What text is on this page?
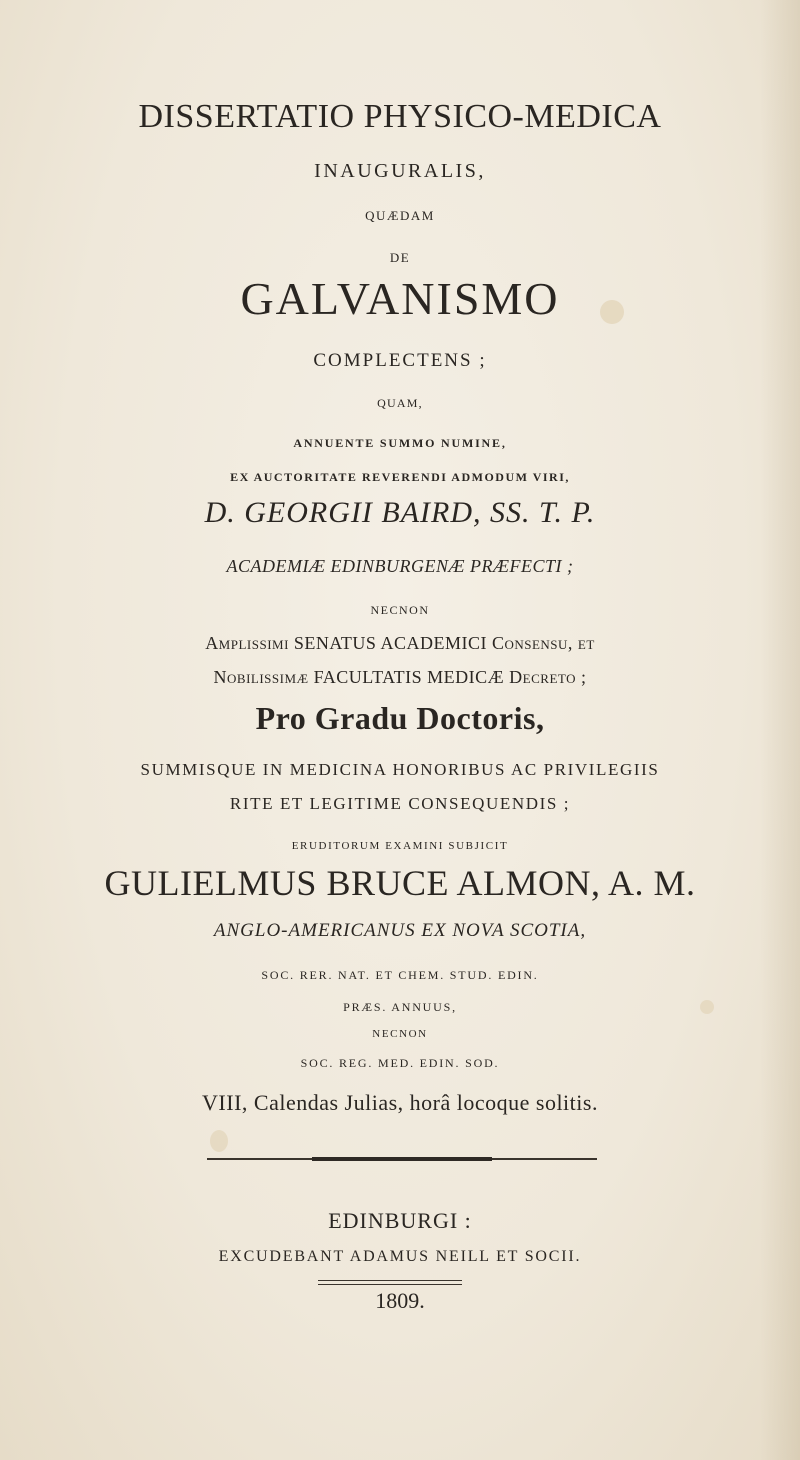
DISSERTATIO PHYSICO-MEDICA
INAUGURALIS,
QUÆDAM
DE
GALVANISMO
COMPLECTENS ;
QUAM,
ANNUENTE SUMMO NUMINE,
EX AUCTORITATE REVERENDI ADMODUM VIRI,
D. GEORGII BAIRD, SS. T. P.
ACADEMIÆ EDINBURGENÆ PRÆFECTI ;
NECNON
Amplissimi SENATUS ACADEMICI Consensu, et
Nobilissimæ FACULTATIS MEDICÆ Decreto ;
Pro Gradu Doctoris,
SUMMISQUE IN MEDICINA HONORIBUS AC PRIVILEGIIS
RITE ET LEGITIME CONSEQUENDIS ;
ERUDITORUM EXAMINI SUBJICIT
GULIELMUS BRUCE ALMON, A. M.
ANGLO-AMERICANUS EX NOVA SCOTIA,
SOC. RER. NAT. ET CHEM. STUD. EDIN.
PRÆS. ANNUUS,
NECNON
SOC. REG. MED. EDIN. SOD.
VIII, Calendas Julias, horâ locoque solitis.
EDINBURGI :
EXCUDEBANT ADAMUS NEILL ET SOCII.
1809.
